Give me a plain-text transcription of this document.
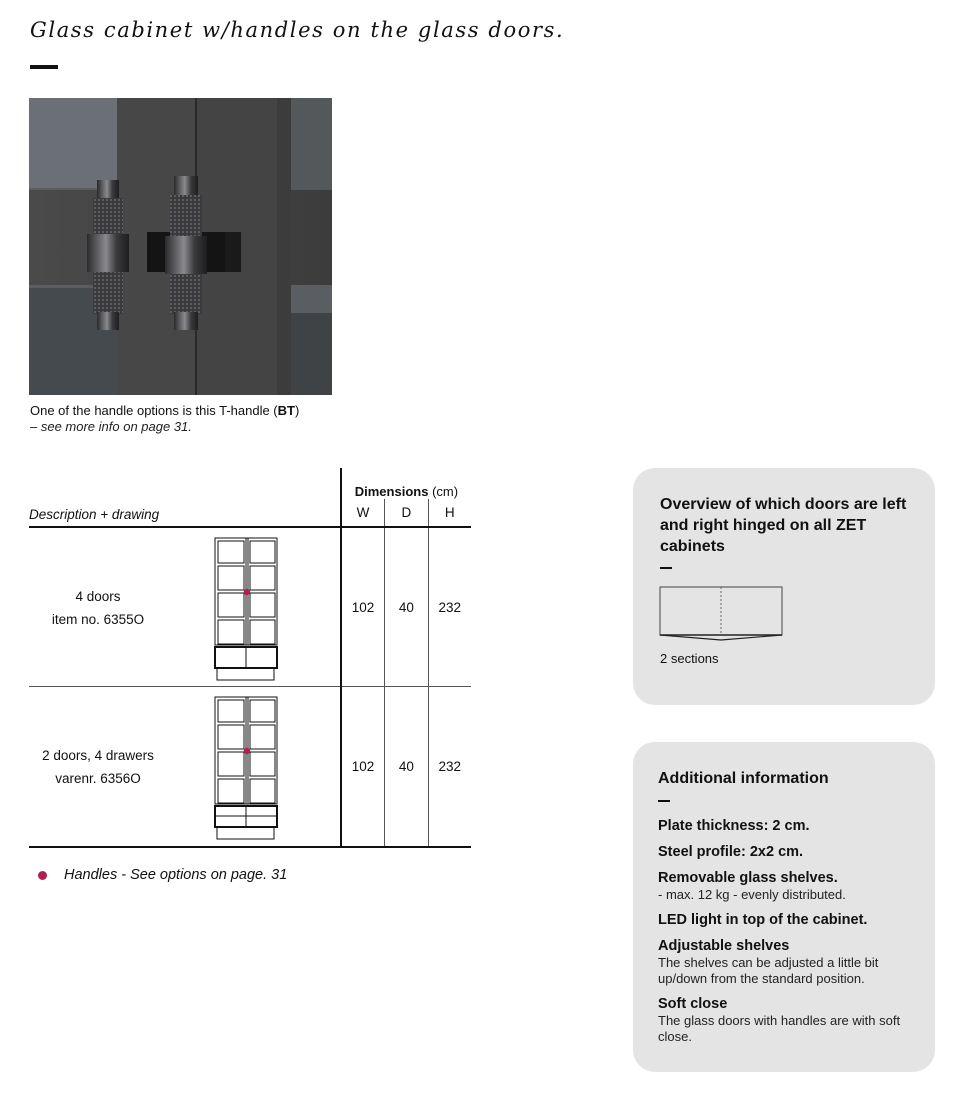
Glass cabinet w/handles on the glass doors.
One of the handle options is this T-handle (BT)
– see more info on page 31.
Description + drawing	Dimensions (cm)		
	W	D	H

4 doors
item no. 6355O	102	40	232

2 doors, 4 drawers
varenr. 6356O	102	40	232
Handles - See options on page. 31
Overview of which doors are left and right hinged on all ZET cabinets
2 sections
Additional information
Plate thickness: 2 cm.
Steel profile: 2x2 cm.
Removable glass shelves.
- max. 12 kg - evenly distributed.
LED light in top of the cabinet.
Adjustable shelves
The shelves can be adjusted a little bit up/down from the standard position.
Soft close
The glass doors with handles are with soft close.
